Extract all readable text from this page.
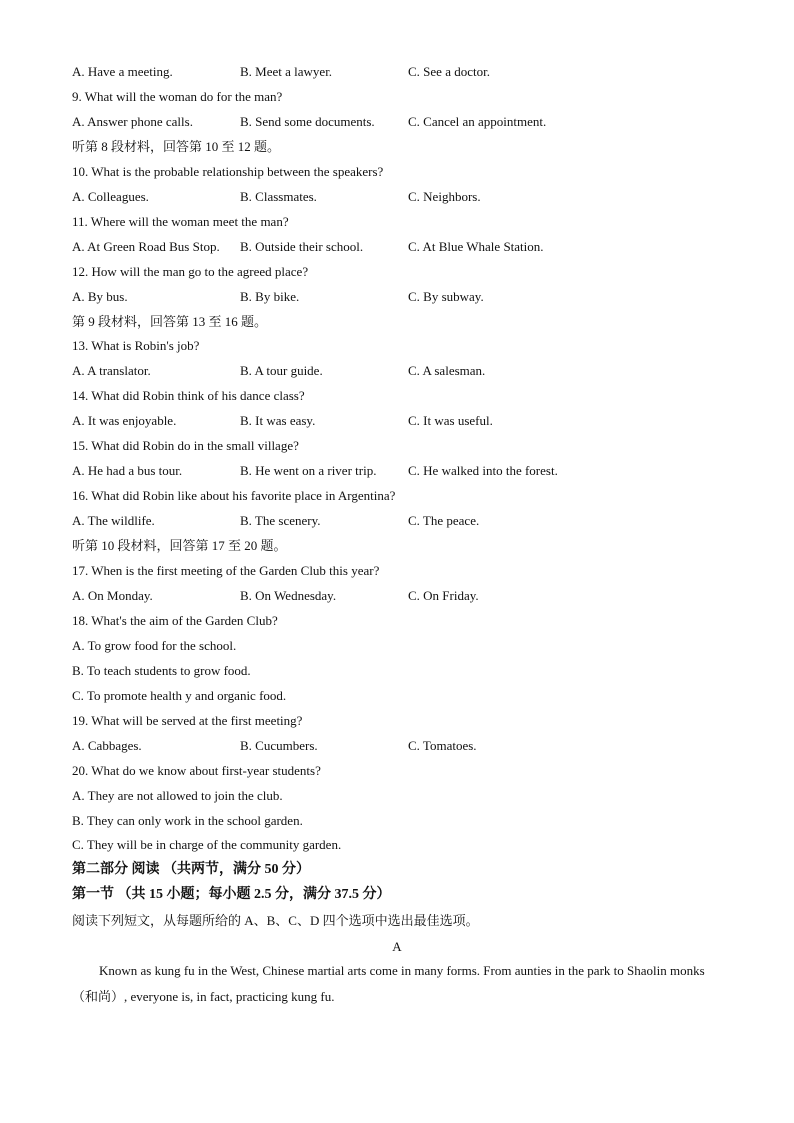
A. Have a meeting.	B. Meet a lawyer.	C. See a doctor.
9. What will the woman do for the man?
A. Answer phone calls.	B. Send some documents.	C. Cancel an appointment.
听第 8 段材料，回答第 10 至 12 题。
10. What is the probable relationship between the speakers?
A. Colleagues.	B. Classmates.	C. Neighbors.
11. Where will the woman meet the man?
A. At Green Road Bus Stop. B. Outside their school.	C. At Blue Whale Station.
12. How will the man go to the agreed place?
A. By bus.	B. By bike.	C. By subway.
第 9 段材料，回答第 13 至 16 题。
13. What is Robin's job?
A. A translator.	B. A tour guide.	C. A salesman.
14. What did Robin think of his dance class?
A. It was enjoyable.	B. It was easy.	C. It was useful.
15. What did Robin do in the small village?
A. He had a bus tour.	B. He went on a river trip. C. He walked into the forest.
16. What did Robin like about his favorite place in Argentina?
A. The wildlife.	B. The scenery.	C. The peace.
听第 10 段材料，回答第 17 至 20 题。
17. When is the first meeting of the Garden Club this year?
A. On Monday.	B. On Wednesday.	C. On Friday.
18. What's the aim of the Garden Club?
A. To grow food for the school.
B. To teach students to grow food.
C. To promote health y and organic food.
19. What will be served at the first meeting?
A. Cabbages.	B. Cucumbers.	C. Tomatoes.
20. What do we know about first-year students?
A. They are not allowed to join the club.
B. They can only work in the school garden.
C. They will be in charge of the community garden.
第二部分 阅读 （共两节，满分 50 分）
第一节 （共 15 小题；每小题 2.5 分，满分 37.5 分）
阅读下列短文，从每题所给的 A、B、C、D 四个选项中选出最佳选项。
A
Known as kung fu in the West, Chinese martial arts come in many forms. From aunties in the park to Shaolin monks（和尚）, everyone is, in fact, practicing kung fu.
